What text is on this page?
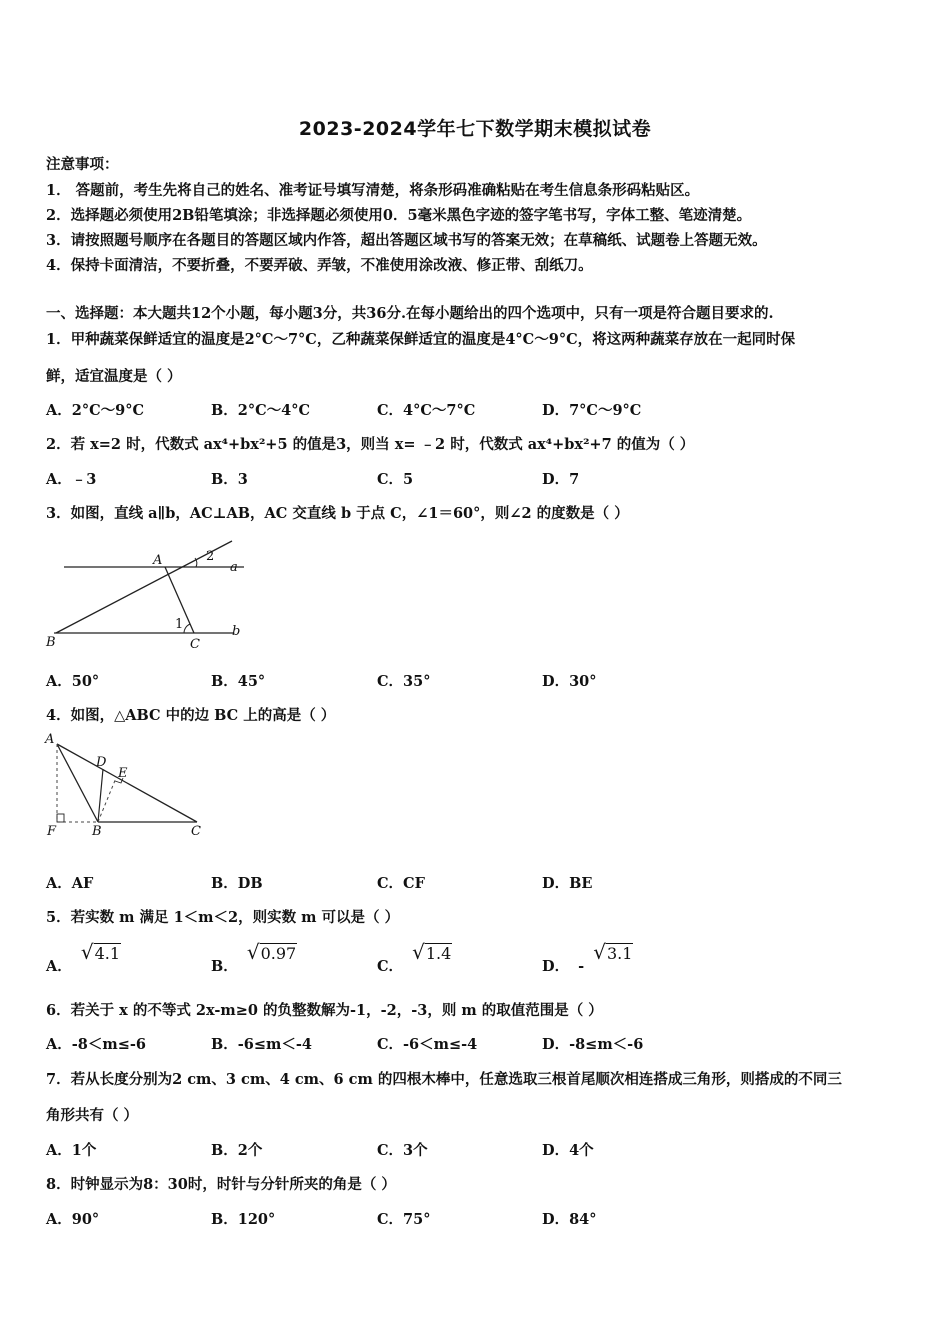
2023-2024学年七下数学期末模拟试卷
注意事项：
1． 答题前，考生先将自己的姓名、准考证号填写清楚，将条形码准确粘贴在考生信息条形码粘贴区。
2．选择题必须使用2B铅笔填涂；非选择题必须使用0．5毫米黑色字迹的签字笔书写，字体工整、笔迹清楚。
3．请按照题号顺序在各题目的答题区域内作答，超出答题区域书写的答案无效；在草稿纸、试题卷上答题无效。
4．保持卡面清洁，不要折叠，不要弄破、弄皱，不准使用涂改液、修正带、刮纸刀。
一、选择题：本大题共12个小题，每小题3分，共36分.在每小题给出的四个选项中，只有一项是符合题目要求的.
1．甲种蔬菜保鲜适宜的温度是2°C～7°C，乙种蔬菜保鲜适宜的温度是4°C～9°C，将这两种蔬菜存放在一起同时保
鲜，适宜温度是（ ）
A．2°C～9°C	B．2°C～4°C	C．4°C～7°C	D．7°C～9°C
2．若 x=2 时，代数式 ax⁴+bx²+5 的值是3，则当 x= ﹣2 时，代数式 ax⁴+bx²+7 的值为（ ）
A．﹣3	B．3	C．5	D．7
3．如图，直线 a∥b，AC⊥AB，AC 交直线 b 于点 C，∠1＝60°，则∠2 的度数是（ ）
A	2
a
1
B	C
b
A．50°	B．45°	C．35°	D．30°
4．如图，△ABC 中的边 BC 上的高是（ ）
A
D
E
F	B	C
A．AF	B．DB	C．CF	D．BE
5．若实数 m 满足 1＜m＜2，则实数 m 可以是（ ）
A． √4.1
B． √0.97
C． √1.4
D． - √3.1
6．若关于 x 的不等式 2x-m≥0 的负整数解为-1，-2，-3，则 m 的取值范围是（ ）
A．-8＜m≤-6	B．-6≤m＜-4	C．-6＜m≤-4	D．-8≤m＜-6
7．若从长度分别为2 cm、3 cm、4 cm、6 cm 的四根木棒中，任意选取三根首尾顺次相连搭成三角形，则搭成的不同三
角形共有（ ）
A．1个	B．2个	C．3个	D．4个
8．时钟显示为8：30时，时针与分针所夹的角是（ ）
A．90°	B．120°	C．75°	D．84°
